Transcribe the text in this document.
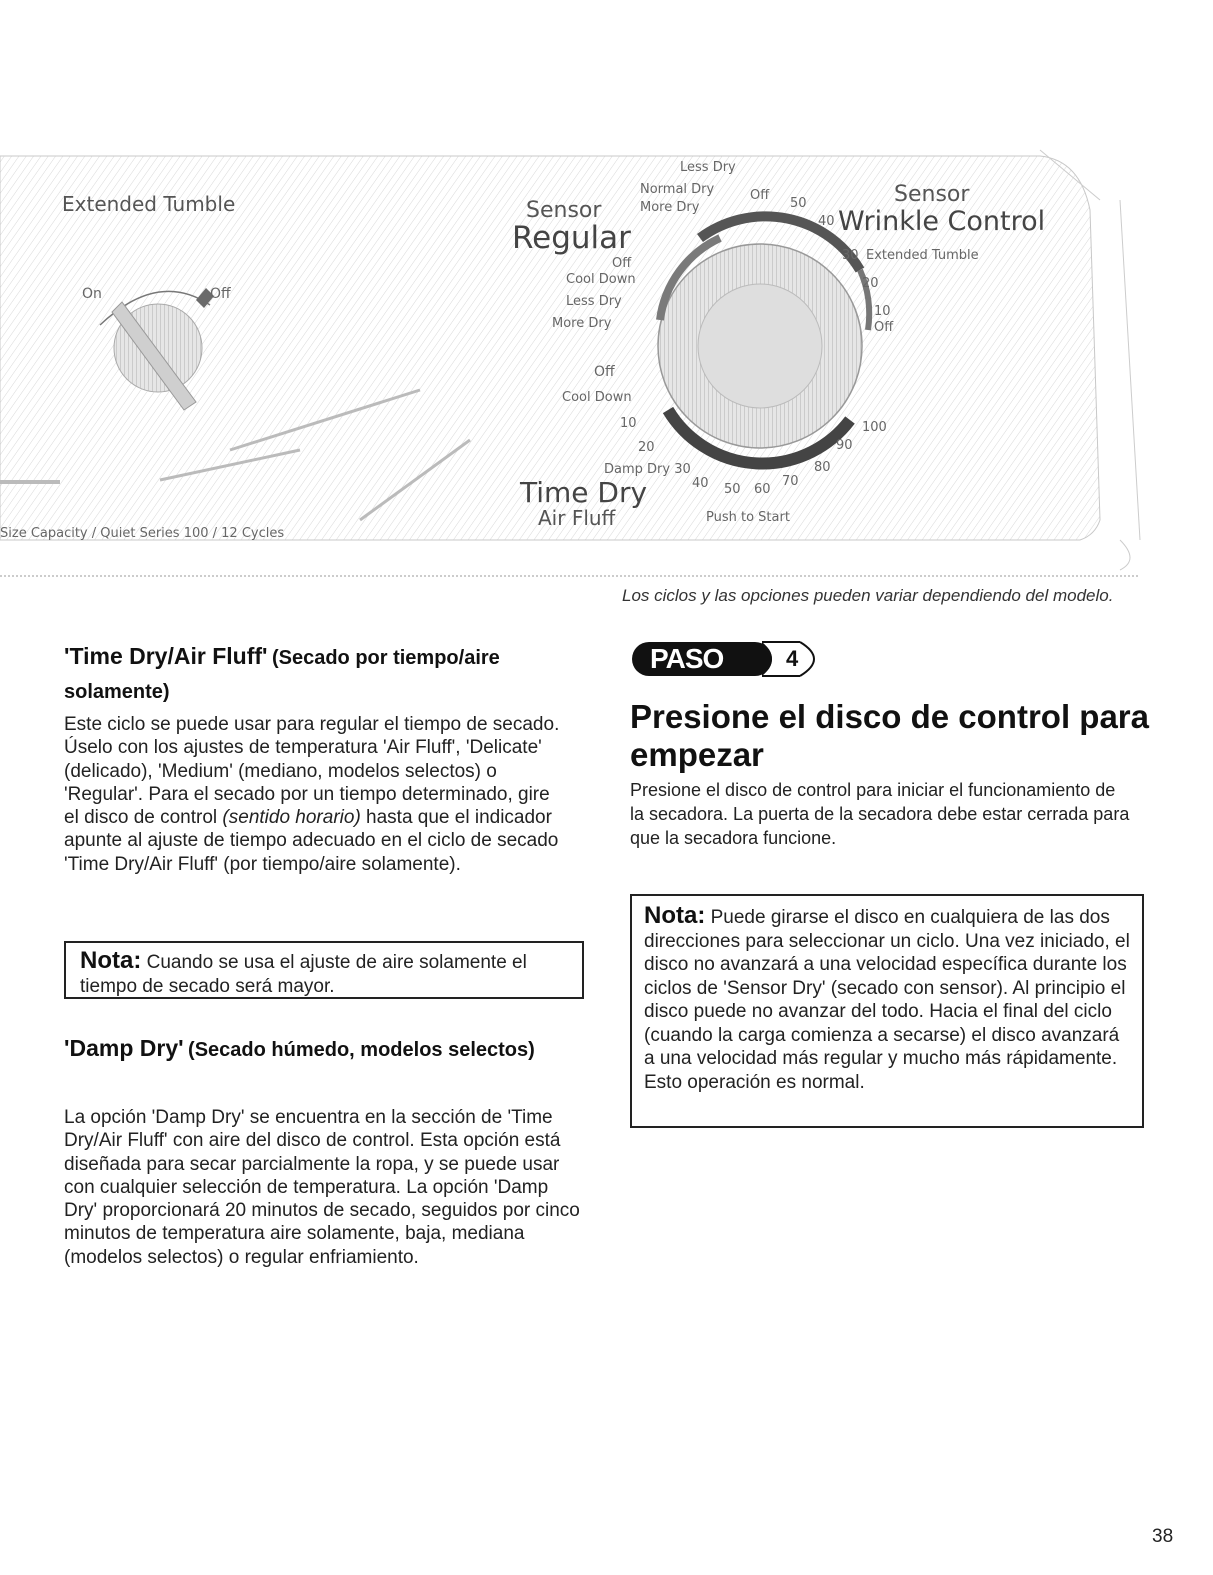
Extended Tumble
On	Off
Size Capacity / Quiet Series 100 / 12 Cycles
Sensor
Regular
Less Dry
Normal Dry
More Dry
Off
50
40
Sensor
Wrinkle Control
30 Extended Tumble
20
10
Off
Off
Cool Down
Less Dry
More Dry
Off
Cool Down
10
20
Damp Dry 30
40 50 60
70
80
90
100
Time Dry
Air Fluff	Push to Start
Los ciclos y las opciones pueden variar dependiendo del modelo.
'Time Dry/Air Fluff' (Secado por tiempo/aire solamente)
Este ciclo se puede usar para regular el tiempo de secado. Úselo con los ajustes de temperatura 'Air Fluff', 'Delicate' (delicado), 'Medium' (mediano, modelos selectos) o 'Regular'. Para el secado por un tiempo determinado, gire el disco de control (sentido horario) hasta que el indicador apunte al ajuste de tiempo adecuado en el ciclo de secado 'Time Dry/Air Fluff' (por tiempo/aire solamente).
Nota: Cuando se usa el ajuste de aire solamente el tiempo de secado será mayor.
'Damp Dry' (Secado húmedo, modelos selectos)
La opción 'Damp Dry' se encuentra en la sección de 'Time Dry/Air Fluff' con aire del disco de control. Esta opción está diseñada para secar parcialmente la ropa, y se puede usar con cualquier selección de temperatura. La opción 'Damp Dry' proporcionará 20 minutos de secado, seguidos por cinco minutos de temperatura aire solamente, baja, mediana (modelos selectos) o regular enfriamiento.
PASO	4
Presione el disco de control para empezar
Presione el disco de control para iniciar el funcionamiento de la secadora. La puerta de la secadora debe estar cerrada para que la secadora funcione.
Nota: Puede girarse el disco en cualquiera de las dos direcciones para seleccionar un ciclo. Una vez iniciado, el disco no avanzará a una velocidad específica durante los ciclos de 'Sensor Dry' (secado con sensor). Al principio el disco puede no avanzar del todo. Hacia el final del ciclo (cuando la carga comienza a secarse) el disco avanzará a una velocidad más regular y mucho más rápidamente. Esto operación es normal.
38
